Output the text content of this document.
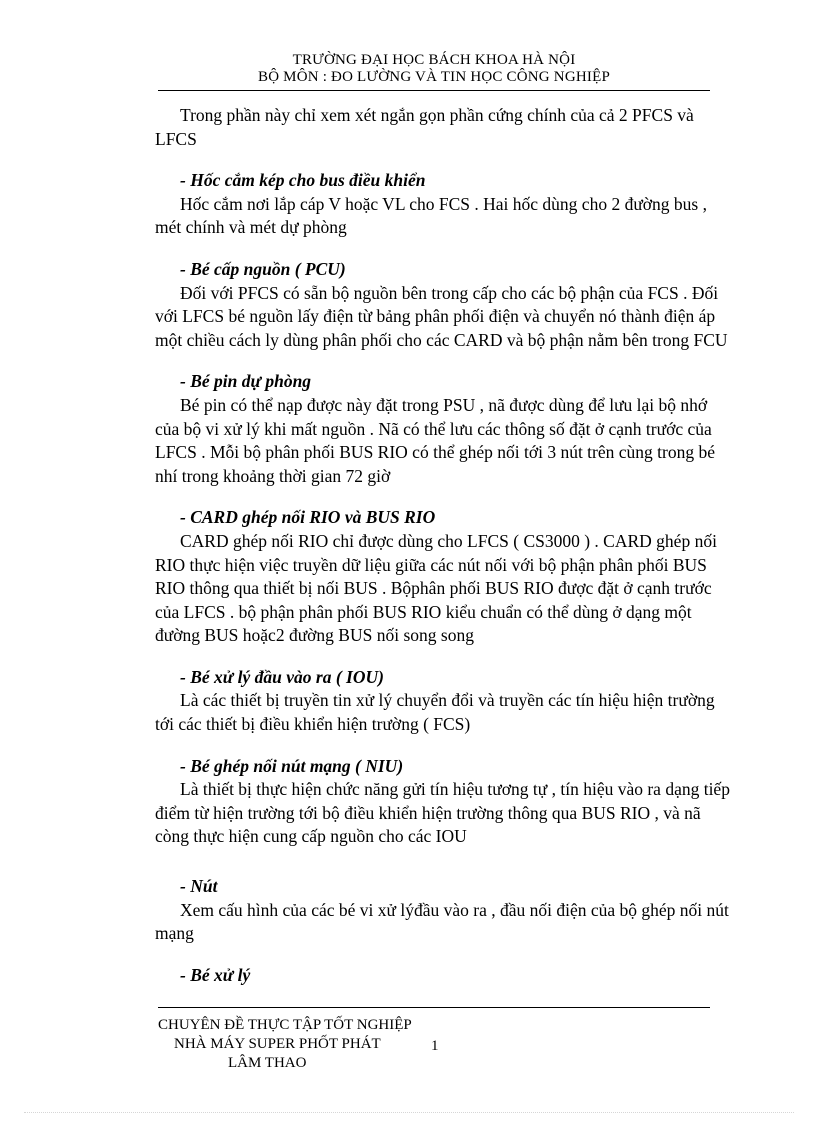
TRƯỜNG ĐẠI HỌC BÁCH KHOA HÀ NỘI
BỘ MÔN : ĐO LƯỜNG VÀ TIN HỌC CÔNG NGHIỆP

Trong phần này chỉ xem xét ngắn gọn phần cứng chính của cả 2 PFCS và LFCS

- Hốc cắm kép cho bus điều khiển

Hốc cắm nơi lắp cáp V hoặc VL cho FCS . Hai hốc dùng cho 2 đường bus , mét chính và mét dự phòng

- Bé cấp nguồn ( PCU)

Đối với PFCS có sẵn bộ nguồn bên trong cấp cho các bộ phận của FCS . Đối với LFCS bé nguồn lấy điện từ bảng phân phối điện và chuyển nó thành điện áp một chiều cách ly dùng phân phối cho các CARD và bộ phận nằm bên trong FCU

- Bé pin dự phòng

Bé pin có thể nạp được này đặt trong PSU , nã được dùng để lưu lại bộ nhớ của bộ vi xử lý khi mất nguồn . Nã có thể lưu các thông số đặt ở cạnh trước của LFCS . Mỗi bộ phân phối BUS RIO có thể ghép nối tới 3 nút trên cùng trong bé nhí trong khoảng thời gian 72 giờ

- CARD ghép nối RIO và BUS RIO

CARD ghép nối RIO chỉ được dùng cho LFCS ( CS3000 ) . CARD ghép nối RIO thực hiện việc truyền dữ liệu giữa các nút nối với bộ phận phân phối BUS RIO thông qua thiết bị nối BUS . Bộphân phối BUS RIO được đặt ở cạnh trước của LFCS . bộ phận phân phối BUS RIO kiểu chuẩn có thể dùng ở dạng một đường BUS hoặc2 đường BUS nối song song

- Bé xử lý đầu vào ra ( IOU)

Là các thiết bị truyền tin xử lý chuyển đổi và truyền các tín hiệu hiện trường tới các thiết bị điều khiển hiện trường ( FCS)

- Bé ghép nối nút mạng ( NIU)

Là thiết bị thực hiện chức năng gửi tín hiệu tương tự , tín hiệu vào ra dạng tiếp điểm từ hiện trường tới bộ điều khiển hiện trường thông qua BUS RIO , và nã còng thực hiện cung cấp nguồn cho các IOU

- Nút

Xem cấu hình của các bé vi xử lýđầu vào ra , đầu nối điện của bộ ghép nối nút mạng

- Bé xử lý

CHUYÊN ĐỀ THỰC TẬP TỐT NGHIỆP
NHÀ MÁY SUPER PHỐT PHÁT
LÂM THAO
1
